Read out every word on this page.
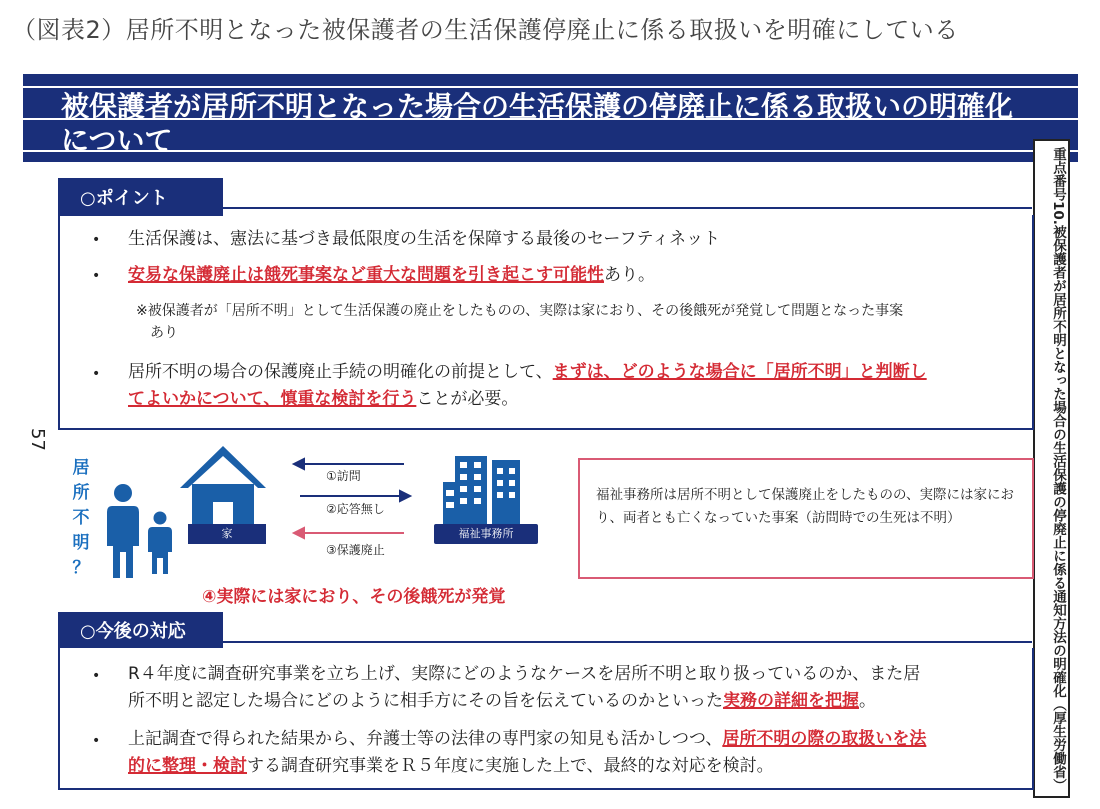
（図表2）居所不明となった被保護者の生活保護停廃止に係る取扱いを明確にしている
被保護者が居所不明となった場合の生活保護の停廃止に係る取扱いの明確化
について
重点番号10.被保護者が居所不明となった場合の生活保護の停廃止に係る通知方法の明確化（厚生労働省）
57
○ポイント
• 生活保護は、憲法に基づき最低限度の生活を保障する最後のセーフティネット
• 安易な保護廃止は餓死事案など重大な問題を引き起こす可能性あり。
※被保護者が「居所不明」として生活保護の廃止をしたものの、実際は家におり、その後餓死が発覚して問題となった事案
あり
• 居所不明の場合の保護廃止手続の明確化の前提として、まずは、どのような場合に「居所不明」と判断し
てよいかについて、慎重な検討を行うことが必要。
居
所
不
明
？
家	福祉事務所
①訪問
②応答無し
③保護廃止
福祉事務所は居所不明として保護廃止をしたものの、実際には家におり、両者とも亡くなっていた事案（訪問時での生死は不明）
④実際には家におり、その後餓死が発覚
○今後の対応
• R４年度に調査研究事業を立ち上げ、実際にどのようなケースを居所不明と取り扱っているのか、また居
所不明と認定した場合にどのように相手方にその旨を伝えているのかといった実務の詳細を把握。
• 上記調査で得られた結果から、弁護士等の法律の専門家の知見も活かしつつ、居所不明の際の取扱いを法
的に整理・検討する調査研究事業をＲ５年度に実施した上で、最終的な対応を検討。
